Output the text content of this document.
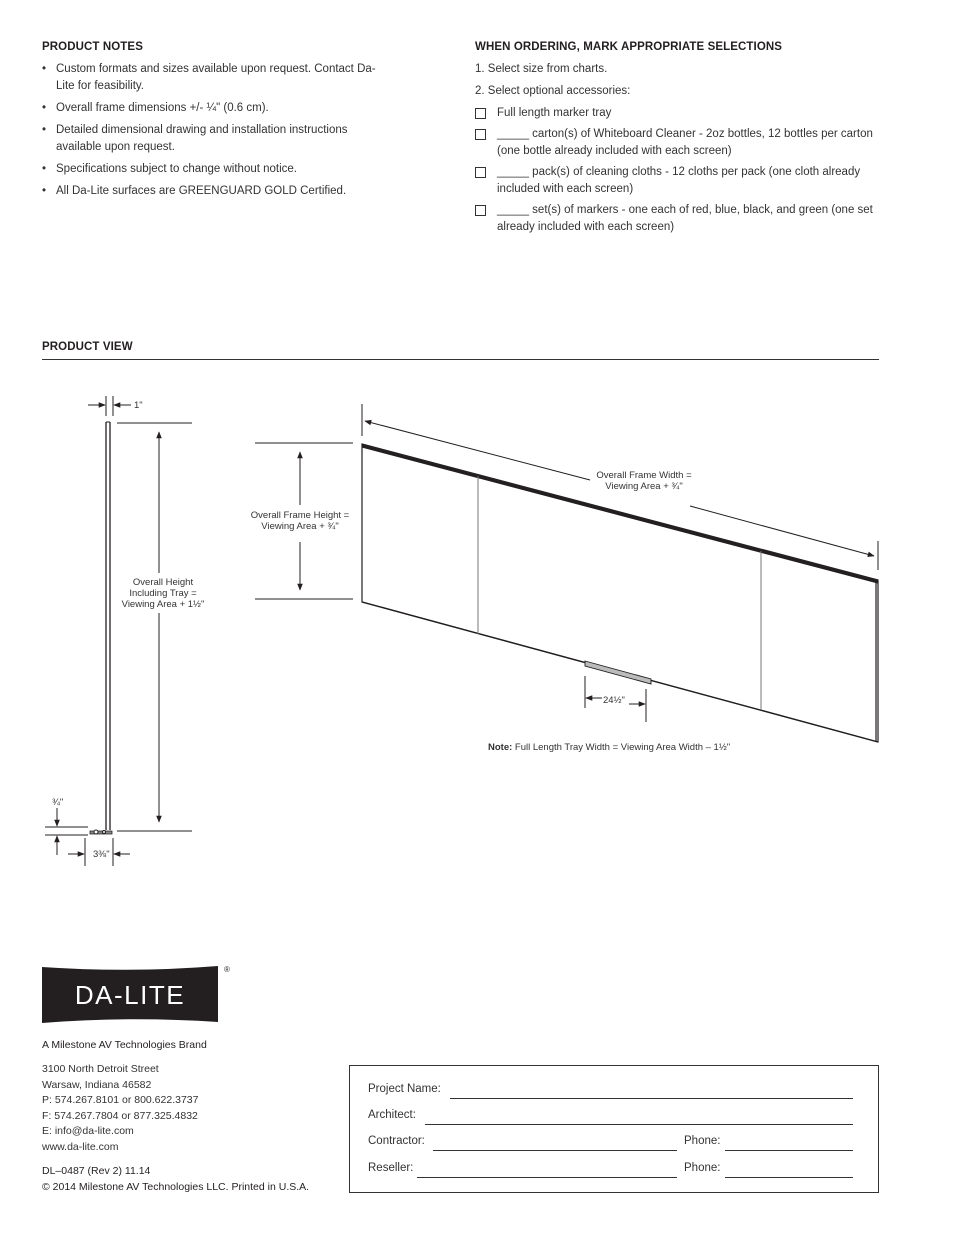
PRODUCT NOTES
• Custom formats and sizes available upon request. Contact Da-Lite for feasibility.
• Overall frame dimensions +/- ¼" (0.6 cm).
• Detailed dimensional drawing and installation instructions available upon request.
• Specifications subject to change without notice.
• All Da-Lite surfaces are GREENGUARD GOLD Certified.
WHEN ORDERING, MARK APPROPRIATE SELECTIONS
1. Select size from charts.
2. Select optional accessories:
Full length marker tray
_____ carton(s) of Whiteboard Cleaner - 2oz bottles, 12 bottles per carton (one bottle already included with each screen)
_____ pack(s) of cleaning cloths - 12 cloths per pack (one cloth already included with each screen)
_____ set(s) of markers - one each of red, blue, black, and green (one set already included with each screen)
PRODUCT VIEW
1"
Overall Height Including Tray = Viewing Area + 1½"
¾"
3⅜"
Overall Frame Height = Viewing Area + ¾"
Overall Frame Width = Viewing Area + ¾"
24½"
Note: Full Length Tray Width = Viewing Area Width – 1½"
DA-LITE
®
A Milestone AV Technologies Brand
3100 North Detroit Street
Warsaw, Indiana 46582
P: 574.267.8101 or 800.622.3737
F: 574.267.7804 or 877.325.4832
E: info@da-lite.com
www.da-lite.com
DL–0487 (Rev 2) 11.14
© 2014 Milestone AV Technologies LLC. Printed in U.S.A.
Project Name:
Architect:
Contractor:	Phone:
Reseller:	Phone:
